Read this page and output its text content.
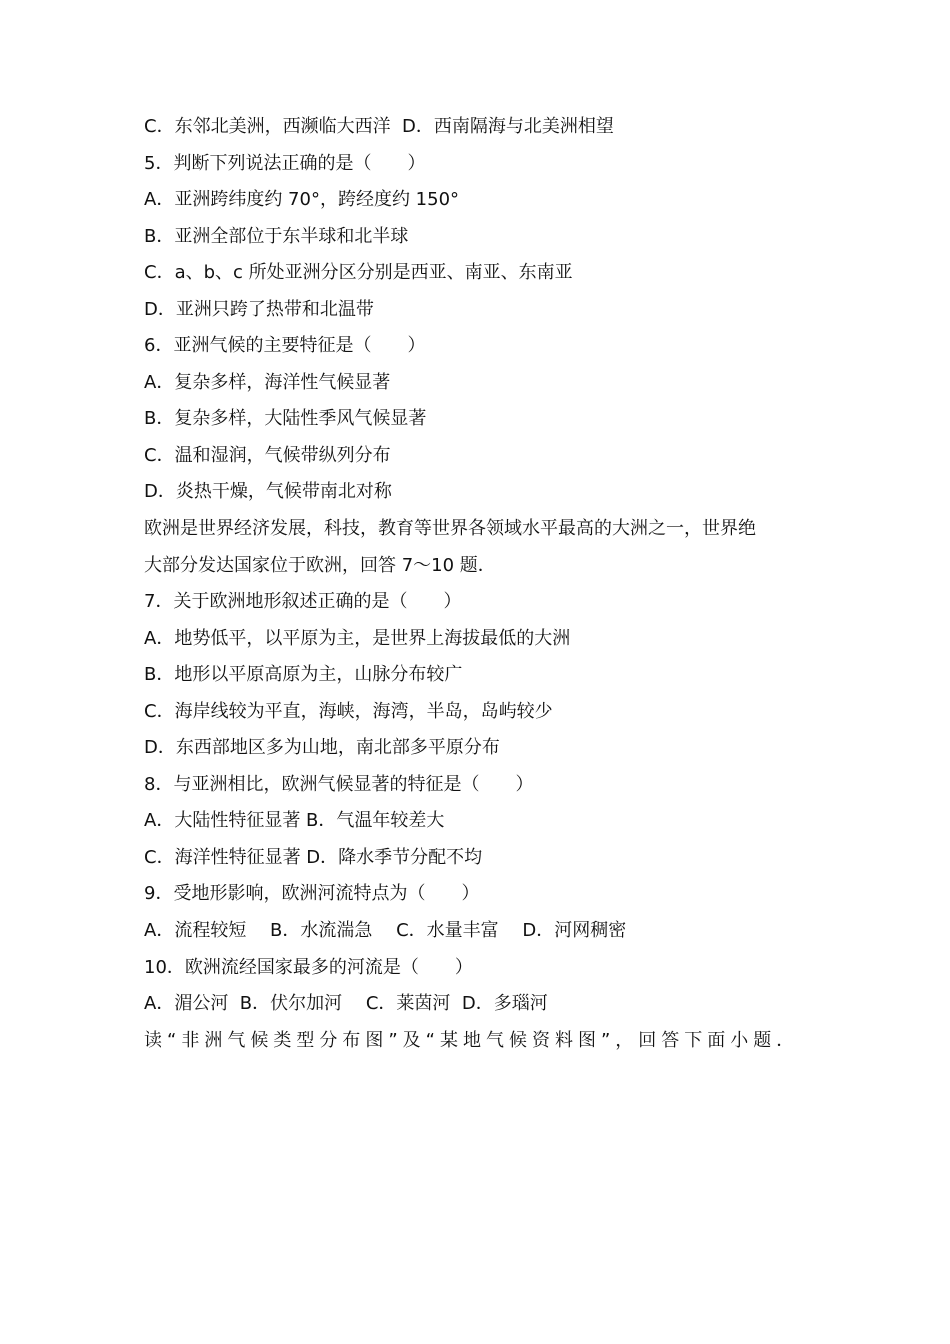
C．东邻北美洲，西濒临大西洋  D．西南隔海与北美洲相望
5．判断下列说法正确的是（　　）
A．亚洲跨纬度约 70°，跨经度约 150°
B．亚洲全部位于东半球和北半球
C．a、b、c 所处亚洲分区分别是西亚、南亚、东南亚
D．亚洲只跨了热带和北温带
6．亚洲气候的主要特征是（　　）
A．复杂多样，海洋性气候显著
B．复杂多样，大陆性季风气候显著
C．温和湿润，气候带纵列分布
D．炎热干燥，气候带南北对称
欧洲是世界经济发展，科技，教育等世界各领域水平最高的大洲之一，世界绝
大部分发达国家位于欧洲，回答 7～10 题．
7．关于欧洲地形叙述正确的是（　　）
A．地势低平，以平原为主，是世界上海拔最低的大洲
B．地形以平原高原为主，山脉分布较广
C．海岸线较为平直，海峡，海湾，半岛，岛屿较少
D．东西部地区多为山地，南北部多平原分布
8．与亚洲相比，欧洲气候显著的特征是（　　）
A．大陆性特征显著 B．气温年较差大
C．海洋性特征显著 D．降水季节分配不均
9．受地形影响，欧洲河流特点为（　　）
A．流程较短　 B．水流湍急　 C．水量丰富　 D．河网稠密
10．欧洲流经国家最多的河流是（　　）
A．湄公河  B．伏尔加河　 C．莱茵河  D．多瑙河
读“非洲气候类型分布图”及“某地气候资料图”，回答下面小题．
